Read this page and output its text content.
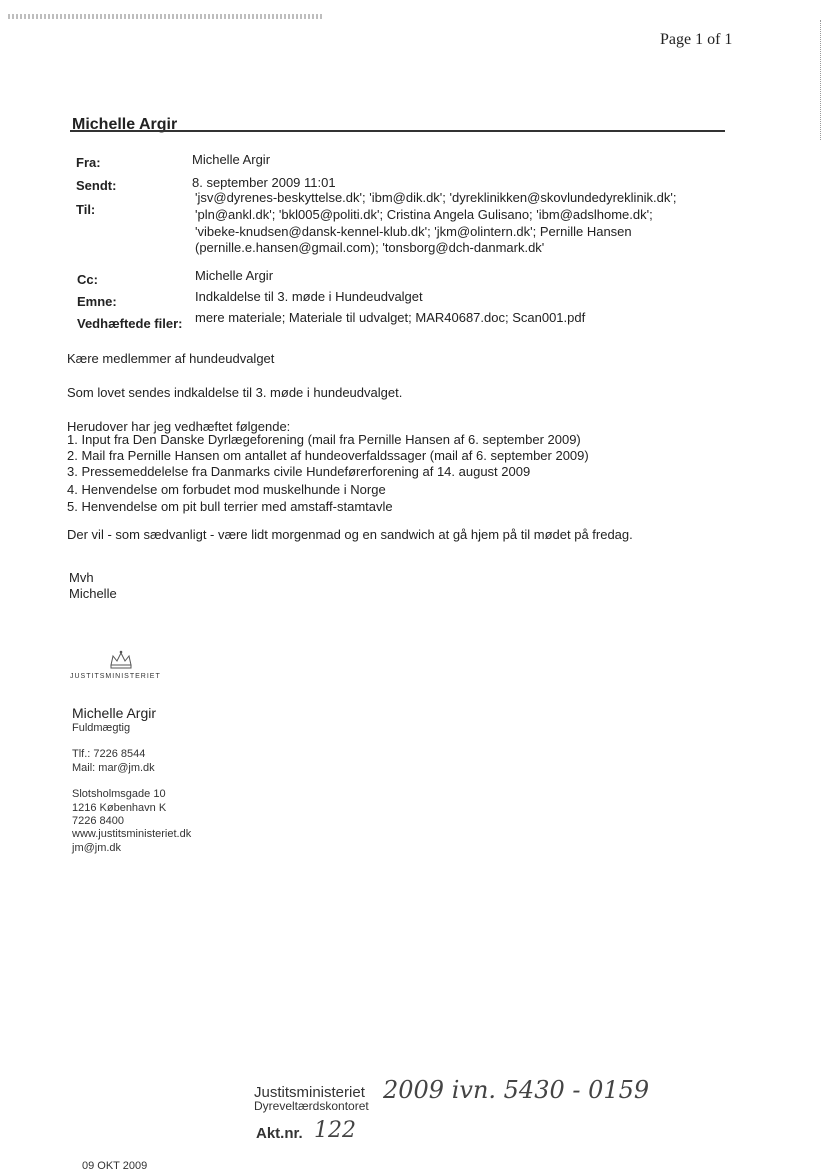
Page 1 of 1
Michelle Argir
Fra:	Michelle Argir
Sendt:	8. september 2009 11:01
Til:
'jsv@dyrenes-beskyttelse.dk'; 'ibm@dik.dk'; 'dyreklinikken@skovlundedyreklinik.dk';
'pln@ankl.dk'; 'bkl005@politi.dk'; Cristina Angela Gulisano; 'ibm@adslhome.dk';
'vibeke-knudsen@dansk-kennel-klub.dk'; 'jkm@olintern.dk'; Pernille Hansen
(pernille.e.hansen@gmail.com); 'tonsborg@dch-danmark.dk'
Cc:	Michelle Argir
Emne:	Indkaldelse til 3. møde i Hundeudvalget
Vedhæftede filer: mere materiale; Materiale til udvalget; MAR40687.doc; Scan001.pdf
Kære medlemmer af hundeudvalget
Som lovet sendes indkaldelse til 3. møde i hundeudvalget.
Herudover har jeg vedhæftet følgende:
1. Input fra Den Danske Dyrlægeforening (mail fra Pernille Hansen af 6. september 2009)
2. Mail fra Pernille Hansen om antallet af hundeoverfaldssager (mail af 6. september 2009)
3. Pressemeddelelse fra Danmarks civile Hundeførerforening af 14. august 2009
4. Henvendelse om forbudet mod muskelhunde i Norge
5. Henvendelse om pit bull terrier med amstaff-stamtavle
Der vil - som sædvanligt - være lidt morgenmad og en sandwich at gå hjem på til mødet på fredag.
Mvh
Michelle
JUSTITSMINISTERIET
Michelle Argir
Fuldmægtig
Tlf.: 7226 8544
Mail: mar@jm.dk
Slotsholmsgade 10
1216 København K
7226 8400
www.justitsministeriet.dk
jm@jm.dk
Justitsministeriet
Dyreveltærdskontoret
2009 ivn. 5430 - 0159
Akt.nr. 122
09 OKT 2009
